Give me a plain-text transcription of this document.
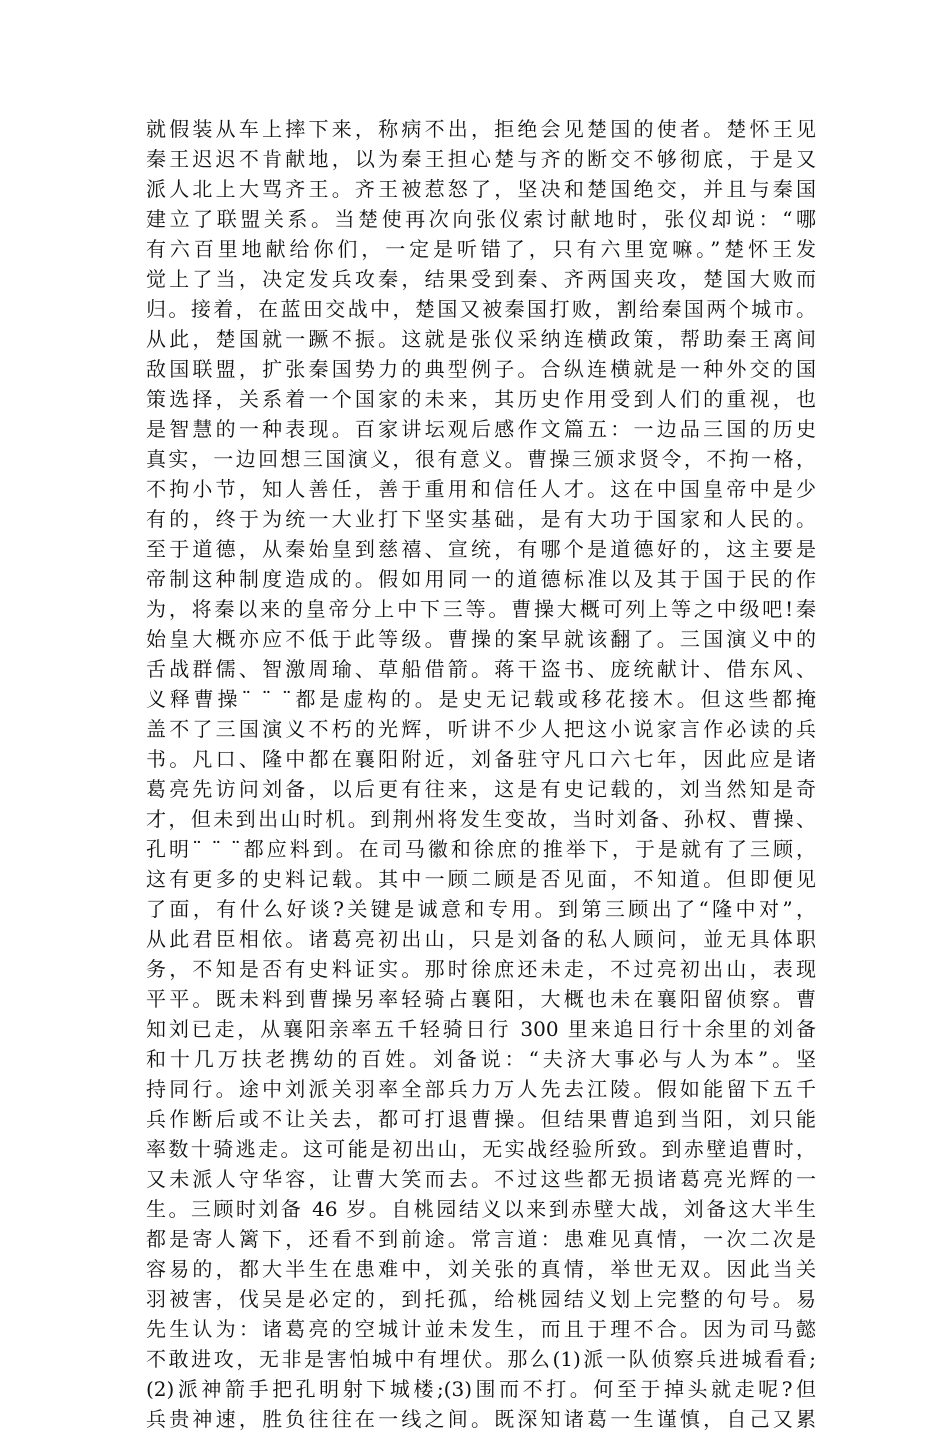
就假装从车上摔下来，称病不出，拒绝会见楚国的使者。楚怀王见
秦王迟迟不肯献地，以为秦王担心楚与齐的断交不够彻底，于是又
派人北上大骂齐王。齐王被惹怒了，坚决和楚国绝交，并且与秦国
建立了联盟关系。当楚使再次向张仪索讨献地时，张仪却说：“哪
有六百里地献给你们，一定是听错了，只有六里宽嘛。”楚怀王发
觉上了当，决定发兵攻秦，结果受到秦、齐两国夹攻，楚国大败而
归。接着，在蓝田交战中，楚国又被秦国打败，割给秦国两个城市。
从此，楚国就一蹶不振。这就是张仪采纳连横政策，帮助秦王离间
敌国联盟，扩张秦国势力的典型例子。合纵连横就是一种外交的国
策选择，关系着一个国家的未来，其历史作用受到人们的重视，也
是智慧的一种表现。百家讲坛观后感作文篇五：一边品三国的历史
真实，一边回想三国演义，很有意义。曹操三颁求贤令，不拘一格，
不拘小节，知人善任，善于重用和信任人才。这在中国皇帝中是少
有的，终于为统一大业打下坚实基础，是有大功于国家和人民的。
至于道德，从秦始皇到慈禧、宣统，有哪个是道德好的，这主要是
帝制这种制度造成的。假如用同一的道德标准以及其于国于民的作
为，将秦以来的皇帝分上中下三等。曹操大概可列上等之中级吧!秦
始皇大概亦应不低于此等级。曹操的案早就该翻了。三国演义中的
舌战群儒、智激周瑜、草船借箭。蒋干盗书、庞统献计、借东风、
义释曹操¨ ¨ ¨都是虚构的。是史无记载或移花接木。但这些都掩
盖不了三国演义不朽的光辉，听讲不少人把这小说家言作必读的兵
书。凡口、隆中都在襄阳附近，刘备驻守凡口六七年，因此应是诸
葛亮先访问刘备，以后更有往来，这是有史记载的，刘当然知是奇
才，但未到出山时机。到荆州将发生变故，当时刘备、孙权、曹操、
孔明¨ ¨ ¨都应料到。在司马徽和徐庶的推举下，于是就有了三顾，
这有更多的史料记载。其中一顾二顾是否见面，不知道。但即便见
了面，有什么好谈?关键是诚意和专用。到第三顾出了“隆中对”，
从此君臣相依。诸葛亮初出山，只是刘备的私人顾问，並无具体职
务，不知是否有史料证实。那时徐庶还未走，不过亮初出山，表现
平平。既未料到曹操另率轻骑占襄阳，大概也未在襄阳留侦察。曹
知刘已走，从襄阳亲率五千轻骑日行 300 里来追日行十余里的刘备
和十几万扶老携幼的百姓。刘备说：“夫济大事必与人为本”。坚
持同行。途中刘派关羽率全部兵力万人先去江陵。假如能留下五千
兵作断后或不让关去，都可打退曹操。但结果曹追到当阳，刘只能
率数十骑逃走。这可能是初出山，无实战经验所致。到赤壁追曹时，
又未派人守华容，让曹大笑而去。不过这些都无损诸葛亮光辉的一
生。三顾时刘备 46 岁。自桃园结义以来到赤壁大战，刘备这大半生
都是寄人篱下，还看不到前途。常言道：患难见真情，一次二次是
容易的，都大半生在患难中，刘关张的真情，举世无双。因此当关
羽被害，伐吴是必定的，到托孤，给桃园结义划上完整的句号。易
先生认为：诸葛亮的空城计並未发生，而且于理不合。因为司马懿
不敢进攻，无非是害怕城中有埋伏。那么(1)派一队侦察兵进城看看;
(2)派神箭手把孔明射下城楼;(3)围而不打。何至于掉头就走呢?但
兵贵神速，胜负往往在一线之间。既深知诸葛一生谨慎，自己又累
